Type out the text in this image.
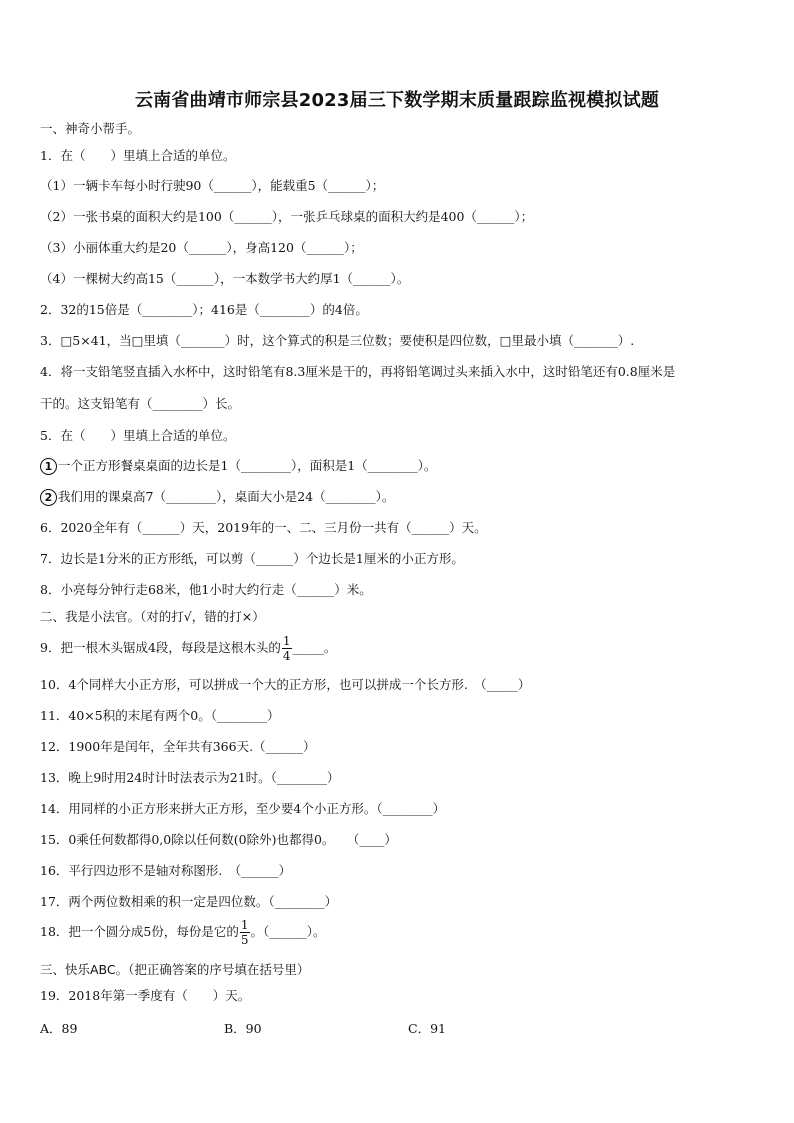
云南省曲靖市师宗县2023届三下数学期末质量跟踪监视模拟试题
一、神奇小帮手。
1．在（　　）里填上合适的单位。
（1）一辆卡车每小时行驶90（______），能载重5（______）；
（2）一张书桌的面积大约是100（______），一张乒乓球桌的面积大约是400（______）；
（3）小丽体重大约是20（______），身高120（______）；
（4）一棵树大约高15（______），一本数学书大约厚1（______）。
2．32的15倍是（________）；416是（________）的4倍。
3．□5×41，当□里填（_______）时，这个算式的积是三位数；要使积是四位数，□里最小填（_______）.
4．将一支铅笔竖直插入水杯中，这时铅笔有8.3厘米是干的，再将铅笔调过头来插入水中，这时铅笔还有0.8厘米是
干的。这支铅笔有（________）长。
5．在（　　）里填上合适的单位。
1 一个正方形餐桌桌面的边长是1（________），面积是1（________）。
2 我们用的课桌高7（________），桌面大小是24（________）。
6．2020全年有（______）天，2019年的一、二、三月份一共有（______）天。
7．边长是1分米的正方形纸，可以剪（______）个边长是1厘米的小正方形。
8．小亮每分钟行走68米，他1小时大约行走（______）米。
二、我是小法官。（对的打√，错的打×）
9．把一根木头锯成4段，每段是这根木头的 $\frac{1}{4}$ _____。
10．4个同样大小正方形，可以拼成一个大的正方形，也可以拼成一个长方形.　（_____）
11．40×5积的末尾有两个0。（________）
12．1900年是闰年，全年共有366天.（______）
13．晚上9时用24时计时法表示为21时。（________）
14．用同样的小正方形来拼大正方形，至少要4个小正方形。（________）
15．0乘任何数都得0,0除以任何数(0除外)也都得0。　　（____）
16．平行四边形不是轴对称图形.　（______）
17．两个两位数相乘的积一定是四位数。（________）
18．把一个圆分成5份，每份是它的 $\frac{1}{5}$ 。（______）。
三、快乐ABC。（把正确答案的序号填在括号里）
19．2018年第一季度有（　　）天。
A．89	B．90	C．91
